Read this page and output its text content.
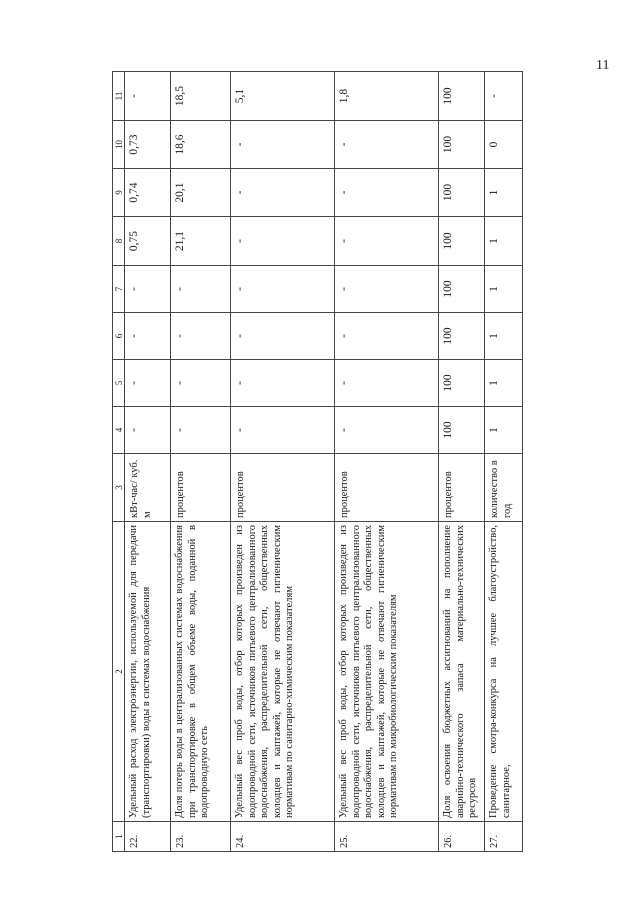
11
1	2	3	4	5	6	7	8	9	10	11
22.	Удельный расход электроэнергии, используемой для передачи (транспортировки) воды в системах водоснабжения	кВт-час/ куб. м	-	-	-	-	0,75	0,74	0,73	-
23.	Доля потерь воды в централизованных системах водоснабжения при транспортировке в общем объеме воды, поданной в водопроводную сеть	процентов	-	-	-	-	21,1	20,1	18,6	18,5
24.	Удельный вес проб воды, отбор которых произведен из водопроводной сети, источников питьевого централизованного водоснабжения, распределительной сети, общественных колодцев и каптажей, которые не отвечают гигиеническим нормативам по санитарно-химическим показателям	процентов	-	-	-	-	-	-	-	5,1
25.	Удельный вес проб воды, отбор которых произведен из водопроводной сети, источников питьевого централизованного водоснабжения, распределительной сети, общественных колодцев и каптажей, которые не отвечают гигиеническим нормативам по микробиологическим показателям	процентов	-	-	-	-	-	-	-	1,8
26.	Доля освоения бюджетных ассигнований на пополнение аварийно-технического запаса материально-технических ресурсов	процентов	100	100	100	100	100	100	100	100
27.	Проведение смотра-конкурса на лучшее благоустройство, санитарное,	количество в год	1	1	1	1	1	1	0	-
